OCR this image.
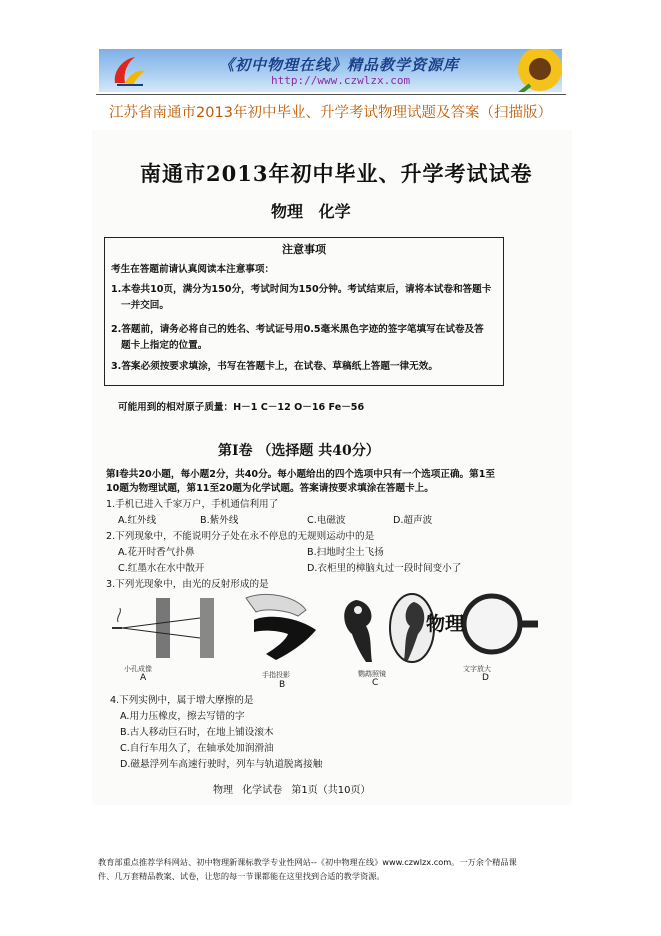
《初中物理在线》精品教学资源库
http://www.czwlzx.com
江苏省南通市2013年初中毕业、升学考试物理试题及答案（扫描版）
南通市2013年初中毕业、升学考试试卷
物理 化学
注意事项
考生在答题前请认真阅读本注意事项：
1.本卷共10页，满分为150分，考试时间为150分钟。考试结束后，请将本试卷和答题卡
一并交回。
2.答题前，请务必将自己的姓名、考试证号用0.5毫米黑色字迹的签字笔填写在试卷及答
题卡上指定的位置。
3.答案必须按要求填涂，书写在答题卡上，在试卷、草稿纸上答题一律无效。
可能用到的相对原子质量：H－1 C－12 O－16 Fe－56
第Ⅰ卷 （选择题 共40分）
第Ⅰ卷共20小题，每小题2分，共40分。每小题给出的四个选项中只有一个选项正确。第1至
10题为物理试题，第11至20题为化学试题。答案请按要求填涂在答题卡上。
1.手机已进入千家万户，手机通信利用了
A.红外线	B.紫外线	C.电磁波	D.超声波
2.下列现象中，不能说明分子处在永不停息的无规则运动中的是
A.花开时香气扑鼻	B.扫地时尘土飞扬
C.红墨水在水中散开	D.衣柜里的樟脑丸过一段时间变小了
3.下列光现象中，由光的反射形成的是
小孔成像
A	手指投影
B
鹦鹉照镜
C
物理
文字放大
D
4.下列实例中，属于增大摩擦的是
A.用力压橡皮，擦去写错的字
B.古人移动巨石时，在地上铺设滚木
C.自行车用久了，在轴承处加润滑油
D.磁悬浮列车高速行驶时，列车与轨道脱离接触
物理 化学试卷 第1页（共10页）
教育部重点推荐学科网站、初中物理新课标教学专业性网站--《初中物理在线》www.czwlzx.com。一万余个精品课
件、几万套精品教案、试卷，让您的每一节课都能在这里找到合适的教学资源。
